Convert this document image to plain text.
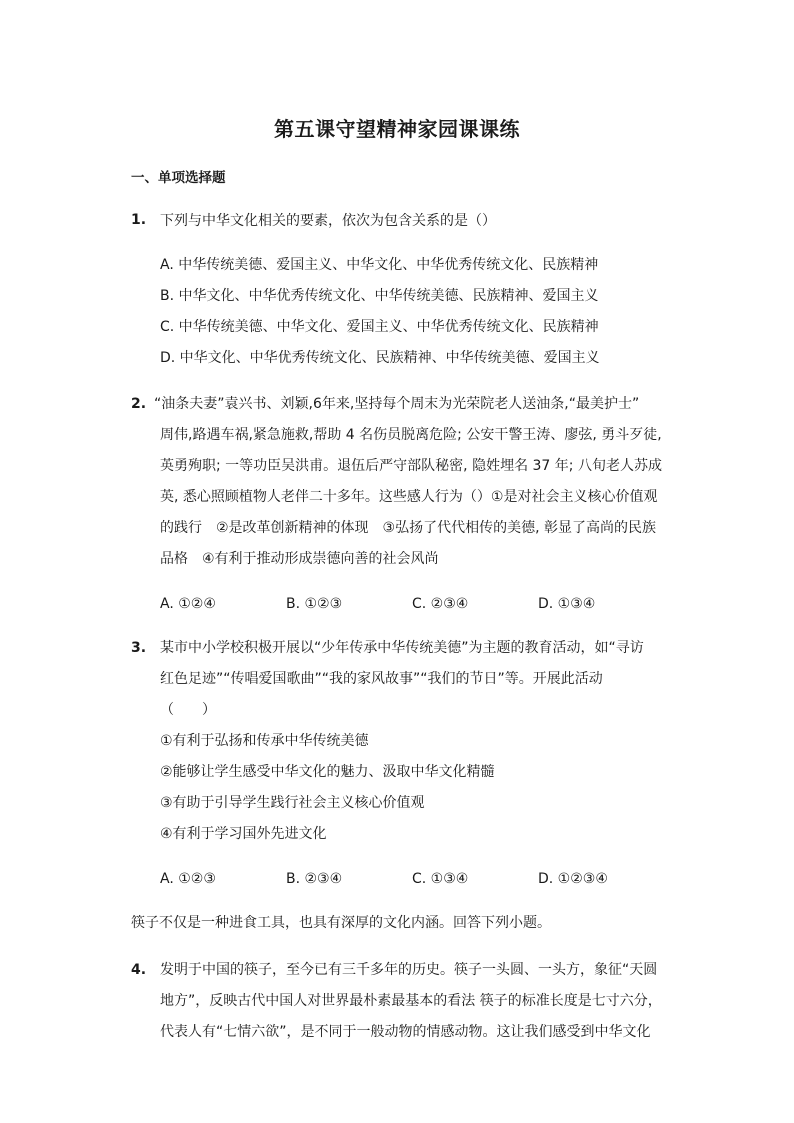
第五课守望精神家园课课练
一、单项选择题
1. 下列与中华文化相关的要素，依次为包含关系的是（）
A. 中华传统美德、爱国主义、中华文化、中华优秀传统文化、民族精神
B. 中华文化、中华优秀传统文化、中华传统美德、民族精神、爱国主义
C. 中华传统美德、中华文化、爱国主义、中华优秀传统文化、民族精神
D. 中华文化、中华优秀传统文化、民族精神、中华传统美德、爱国主义
2. “油条夫妻”袁兴书、刘颖,6年来,坚持每个周末为光荣院老人送油条,“最美护士”
周伟,路遇车祸,紧急施救,帮助 4 名伤员脱离危险; 公安干警王涛、廖弦, 勇斗歹徒,
英勇殉职; 一等功臣吴洪甫。退伍后严守部队秘密, 隐姓埋名 37 年; 八旬老人苏成
英, 悉心照顾植物人老伴二十多年。这些感人行为（）①是对社会主义核心价值观
的践行　②是改革创新精神的体现　③弘扬了代代相传的美德, 彰显了高尚的民族
品格　④有利于推动形成崇德向善的社会风尚
A. ①②④	B. ①②③	C. ②③④	D. ①③④
3. 某市中小学校积极开展以“少年传承中华传统美德”为主题的教育活动，如“寻访
红色足迹”“传唱爱国歌曲”“我的家风故事”“我们的节日”等。开展此活动
（　　）
①有利于弘扬和传承中华传统美德
②能够让学生感受中华文化的魅力、汲取中华文化精髓
③有助于引导学生践行社会主义核心价值观
④有利于学习国外先进文化
A. ①②③	B. ②③④	C. ①③④	D. ①②③④
筷子不仅是一种进食工具，也具有深厚的文化内涵。回答下列小题。
4. 发明于中国的筷子，至今已有三千多年的历史。筷子一头圆、一头方，象征“天圆
地方”，反映古代中国人对世界最朴素最基本的看法 筷子的标准长度是七寸六分，
代表人有“七情六欲”，是不同于一般动物的情感动物。这让我们感受到中华文化
